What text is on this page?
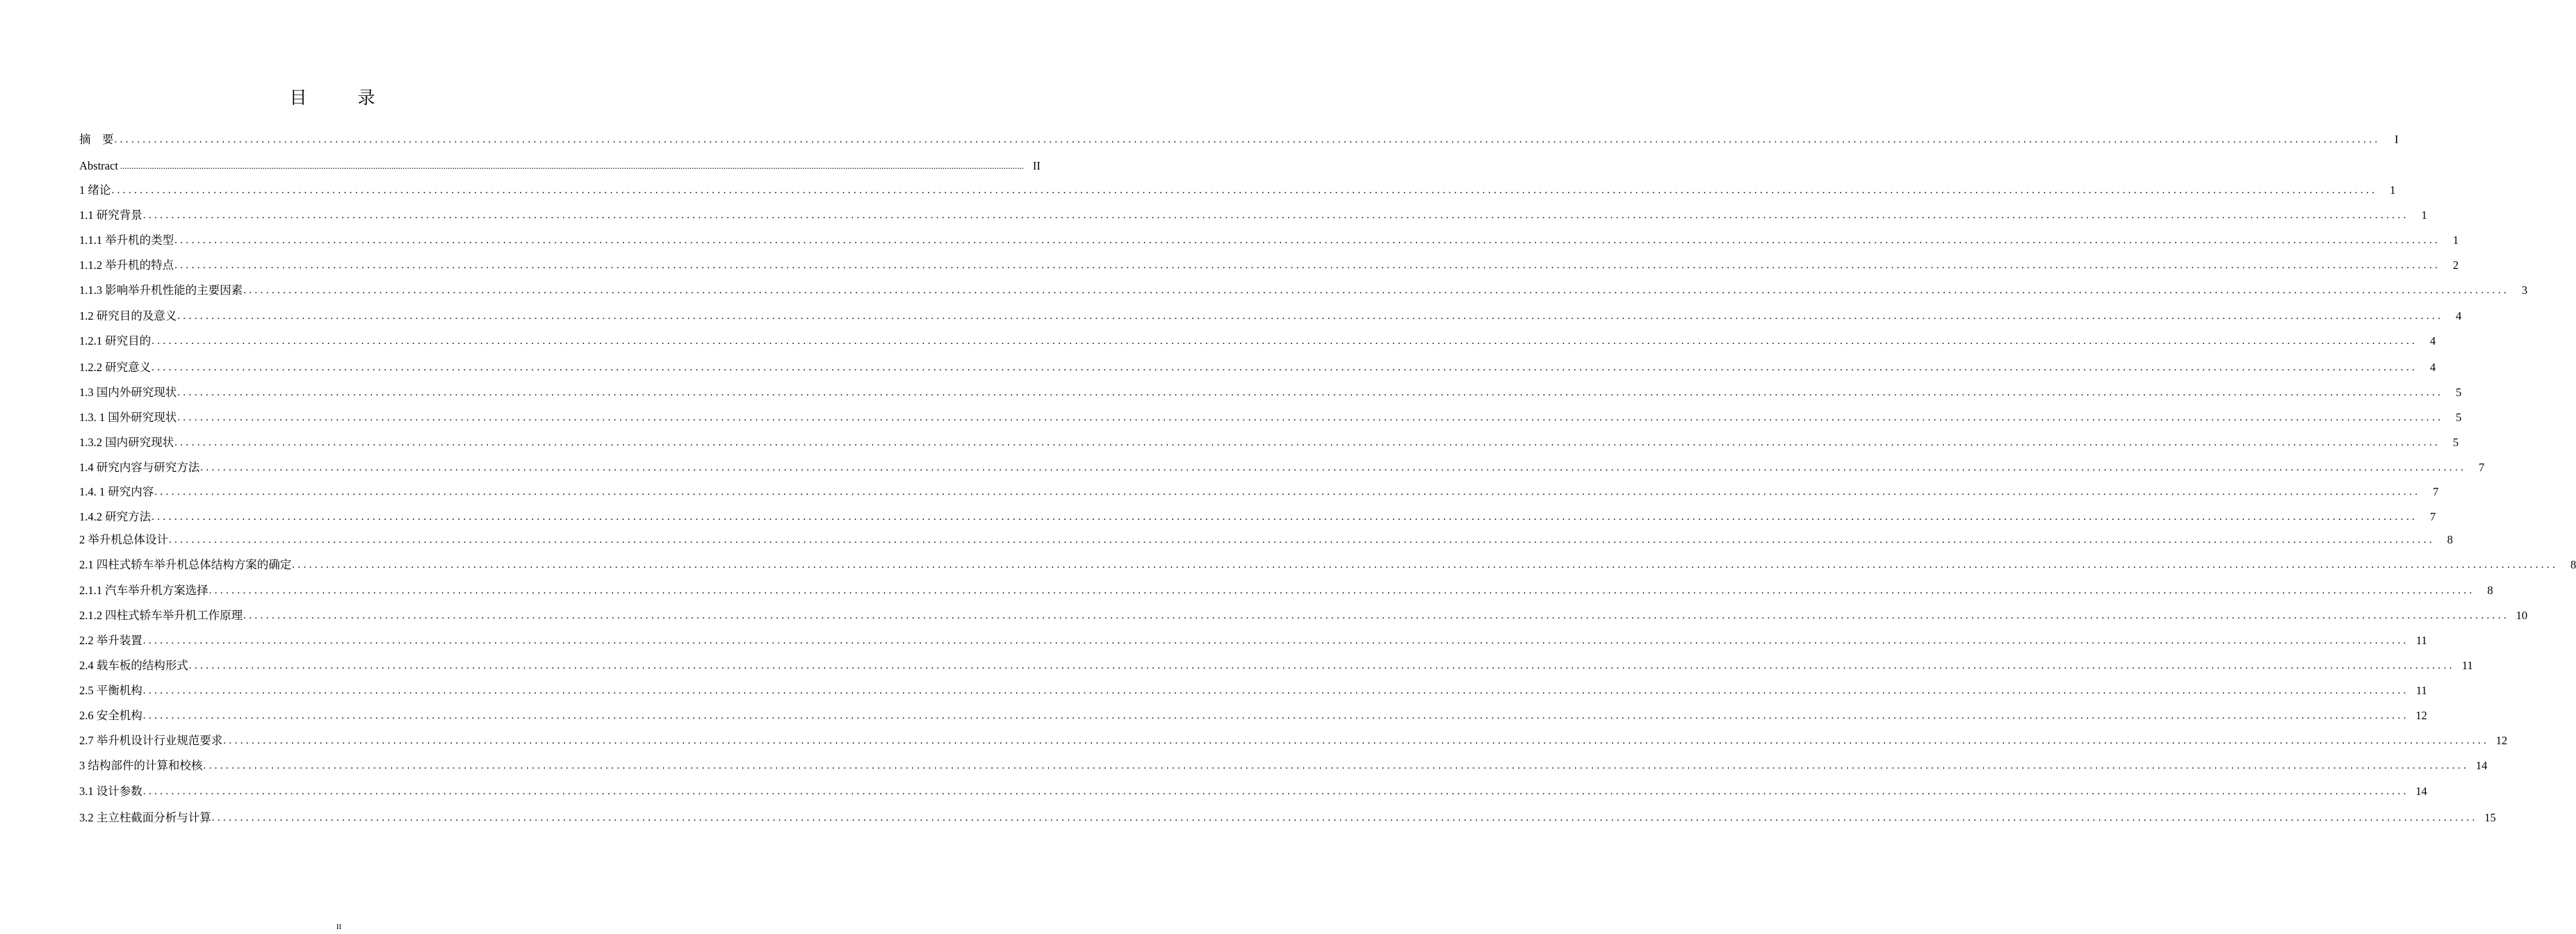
目　录
摘　要 ................................................................................................................................................................................................................................................................................................................................................................................................................	I
Abstract ................................................................................................................................................................................................................................................................................................................................................................................................................ II
1 绪论 ................................................................................................................................................................................................................................................................................................................................................................................................................	1
1.1 研究背景 ................................................................................................................................................................................................................................................................................................................................................................................................................	1
1.1.1 举升机的类型 ................................................................................................................................................................................................................................................................................................................................................................................................................	1
1.1.2 举升机的特点 ................................................................................................................................................................................................................................................................................................................................................................................................................	2
1.1.3 影响举升机性能的主要因素 ................................................................................................................................................................................................................................................................................................................................................................................................................	3
1.2 研究目的及意义 ................................................................................................................................................................................................................................................................................................................................................................................................................	4
1.2.1 研究目的 ................................................................................................................................................................................................................................................................................................................................................................................................................	4
1.2.2 研究意义 ................................................................................................................................................................................................................................................................................................................................................................................................................	4
1.3 国内外研究现状 ................................................................................................................................................................................................................................................................................................................................................................................................................	5
1.3. 1 国外研究现状 ................................................................................................................................................................................................................................................................................................................................................................................................................	5
1.3.2 国内研究现状 ................................................................................................................................................................................................................................................................................................................................................................................................................	5
1.4 研究内容与研究方法 ................................................................................................................................................................................................................................................................................................................................................................................................................	7
1.4. 1 研究内容 ................................................................................................................................................................................................................................................................................................................................................................................................................	7
1.4.2 研究方法 ................................................................................................................................................................................................................................................................................................................................................................................................................	7
2 举升机总体设计 ................................................................................................................................................................................................................................................................................................................................................................................................................	8
2.1 四柱式轿车举升机总体结构方案的确定 ................................................................................................................................................................................................................................................................................................................................................................................................................	8
2.1.1 汽车举升机方案选择 ................................................................................................................................................................................................................................................................................................................................................................................................................	8
2.1.2 四柱式轿车举升机工作原理 ................................................................................................................................................................................................................................................................................................................................................................................................................ 10
2.2 举升装置 ................................................................................................................................................................................................................................................................................................................................................................................................................ 11
2.4 载车板的结构形式 ................................................................................................................................................................................................................................................................................................................................................................................................................ 11
2.5 平衡机构 ................................................................................................................................................................................................................................................................................................................................................................................................................ 11
2.6 安全机构 ................................................................................................................................................................................................................................................................................................................................................................................................................ 12
2.7 举升机设计行业规范要求 ................................................................................................................................................................................................................................................................................................................................................................................................................ 12
3 结构部件的计算和校核 ................................................................................................................................................................................................................................................................................................................................................................................................................ 14
3.1 设计参数 ................................................................................................................................................................................................................................................................................................................................................................................................................ 14
3.2 主立柱截面分析与计算 ................................................................................................................................................................................................................................................................................................................................................................................................................ 15
II
